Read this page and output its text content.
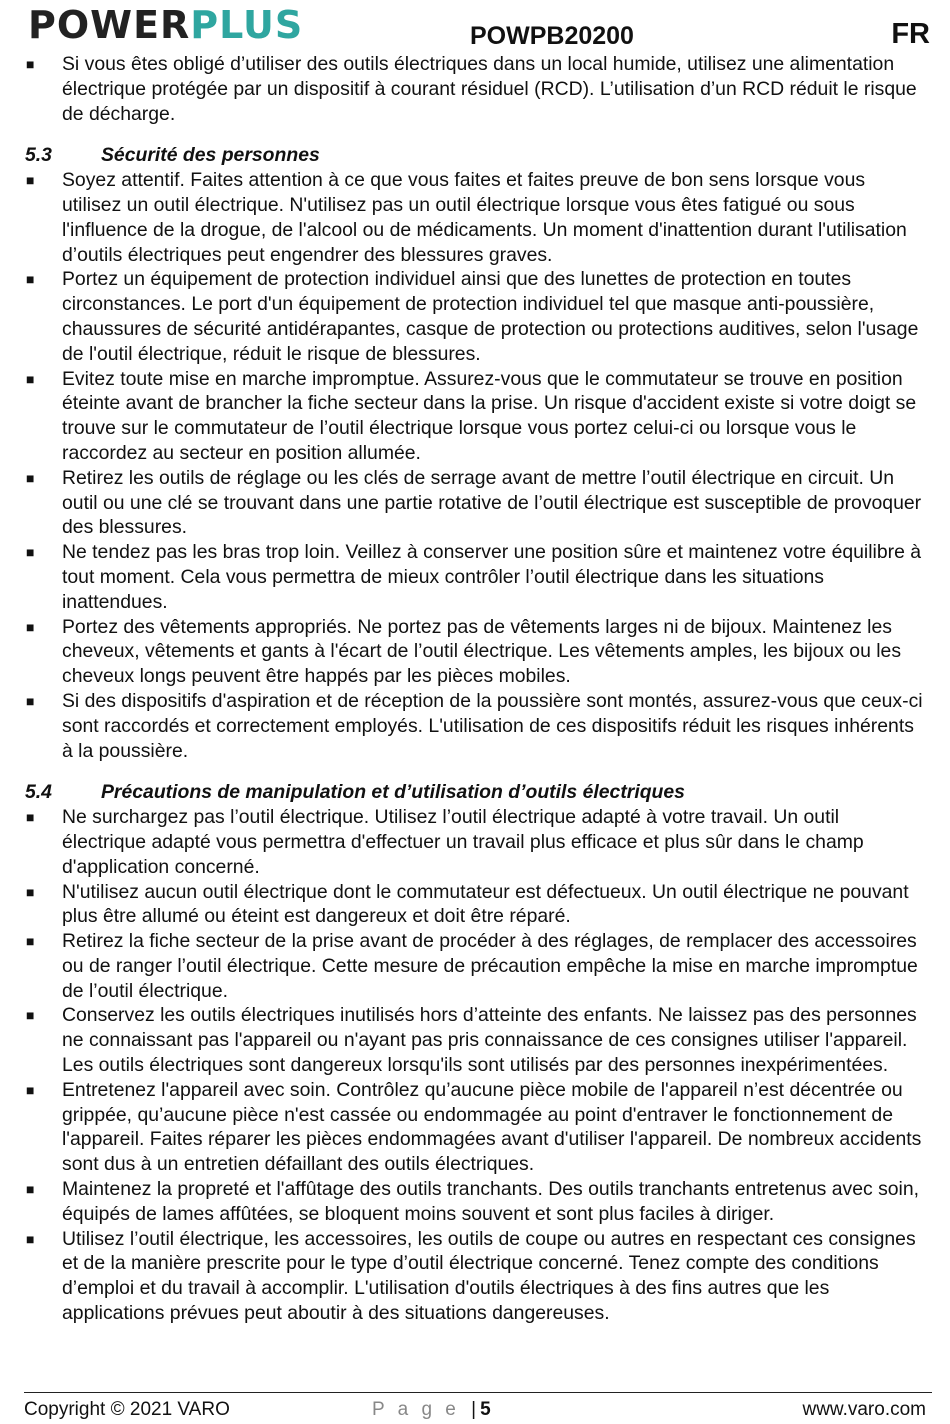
POWERPLUS	POWPB20200	FR
■ Si vous êtes obligé d’utiliser des outils électriques dans un local humide, utilisez une alimentation électrique protégée par un dispositif à courant résiduel (RCD). L’utilisation d’un RCD réduit le risque de décharge.
5.3	Sécurité des personnes
■ Soyez attentif. Faites attention à ce que vous faites et faites preuve de bon sens lorsque vous utilisez un outil électrique. N'utilisez pas un outil électrique lorsque vous êtes fatigué ou sous l'influence de la drogue, de l'alcool ou de médicaments. Un moment d'inattention durant l'utilisation d’outils électriques peut engendrer des blessures graves.
■ Portez un équipement de protection individuel ainsi que des lunettes de protection en toutes circonstances. Le port d'un équipement de protection individuel tel que masque anti-poussière, chaussures de sécurité antidérapantes, casque de protection ou protections auditives, selon l'usage de l'outil électrique, réduit le risque de blessures.
■ Evitez toute mise en marche impromptue. Assurez-vous que le commutateur se trouve en position éteinte avant de brancher la fiche secteur dans la prise. Un risque d'accident existe si votre doigt se trouve sur le commutateur de l’outil électrique lorsque vous portez celui-ci ou lorsque vous le raccordez au secteur en position allumée.
■ Retirez les outils de réglage ou les clés de serrage avant de mettre l’outil électrique en circuit. Un outil ou une clé se trouvant dans une partie rotative de l’outil électrique est susceptible de provoquer des blessures.
■ Ne tendez pas les bras trop loin. Veillez à conserver une position sûre et maintenez votre équilibre à tout moment. Cela vous permettra de mieux contrôler l’outil électrique dans les situations inattendues.
■ Portez des vêtements appropriés. Ne portez pas de vêtements larges ni de bijoux. Maintenez les cheveux, vêtements et gants à l'écart de l’outil électrique. Les vêtements amples, les bijoux ou les cheveux longs peuvent être happés par les pièces mobiles.
■ Si des dispositifs d'aspiration et de réception de la poussière sont montés, assurez-vous que ceux-ci sont raccordés et correctement employés. L'utilisation de ces dispositifs réduit les risques inhérents à la poussière.
5.4	Précautions de manipulation et d’utilisation d’outils électriques
■ Ne surchargez pas l’outil électrique. Utilisez l’outil électrique adapté à votre travail. Un outil électrique adapté vous permettra d'effectuer un travail plus efficace et plus sûr dans le champ d'application concerné.
■ N'utilisez aucun outil électrique dont le commutateur est défectueux. Un outil électrique ne pouvant plus être allumé ou éteint est dangereux et doit être réparé.
■ Retirez la fiche secteur de la prise avant de procéder à des réglages, de remplacer des accessoires ou de ranger l’outil électrique. Cette mesure de précaution empêche la mise en marche impromptue de l’outil électrique.
■ Conservez les outils électriques inutilisés hors d’atteinte des enfants. Ne laissez pas des personnes ne connaissant pas l'appareil ou n'ayant pas pris connaissance de ces consignes utiliser l'appareil. Les outils électriques sont dangereux lorsqu'ils sont utilisés par des personnes inexpérimentées.
■ Entretenez l'appareil avec soin. Contrôlez qu’aucune pièce mobile de l'appareil n’est décentrée ou grippée, qu’aucune pièce n'est cassée ou endommagée au point d'entraver le fonctionnement de l'appareil. Faites réparer les pièces endommagées avant d'utiliser l'appareil. De nombreux accidents sont dus à un entretien défaillant des outils électriques.
■ Maintenez la propreté et l'affûtage des outils tranchants. Des outils tranchants entretenus avec soin, équipés de lames affûtées, se bloquent moins souvent et sont plus faciles à diriger.
■ Utilisez l’outil électrique, les accessoires, les outils de coupe ou autres en respectant ces consignes et de la manière prescrite pour le type d’outil électrique concerné. Tenez compte des conditions d’emploi et du travail à accomplir. L'utilisation d'outils électriques à des fins autres que les applications prévues peut aboutir à des situations dangereuses.
Copyright © 2021 VARO	P a g e | 5	www.varo.com
